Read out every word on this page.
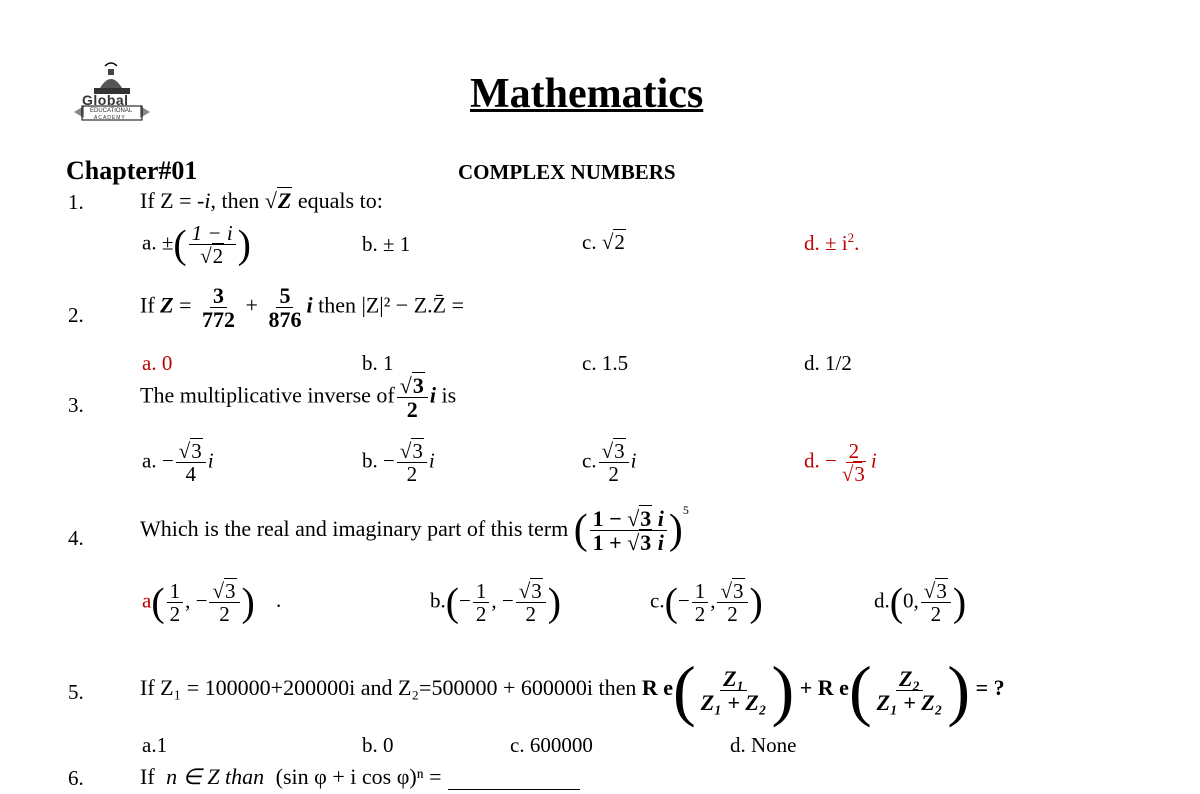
Global
EDUCATIONAL
ACADEMY
Mathematics
Chapter#01	COMPLEX NUMBERS
1.	If Z = -i, then √Z equals to:
a. ±( $\frac{1 - i}{√2}$ )	b. ± 1	c. √2	d. ± $i^2$.
2.	If $Z = \frac{3}{772} + \frac{5}{876}$ i then |Z|² − Z.Z̄ =
a. 0	b. 1	c. 1.5	d. 1/2
3.	The multiplicative inverse of $\frac{√3}{2}$ i is
a. − $\frac{√3}{4}$ i	b. − $\frac{√3}{2}$ i	c. $\frac{√3}{2}$ i	d. − $\frac{2}{√3}$ i
4.	Which is the real and imaginary part of this term ( $\frac{1 - √3 i}{1 + √3 i} )^5$
$a( \frac{1}{2}$ , − $\frac{√3}{2}$ ) .	$b.(- \frac{1}{2}$ , − $\frac{√3}{2}$ )	$c.(- \frac{1}{2}$ , $\frac{√3}{2}$ )	d.(0, $\frac{√3}{2}$ )
5.	If Z₁ = 100000+200000i and Z₂=500000 + 600000i then R $e( \frac{\text{Z₁}}{\text{Z₁ + Z₂}}$ ) + R $e( \frac{\text{Z₂}}{\text{Z₁ + Z₂}}$ ) = ?
a.1	b. 0	c. 600000	d. None
6.	If n ∈ Z than (sin φ + i cos φ)ⁿ =
